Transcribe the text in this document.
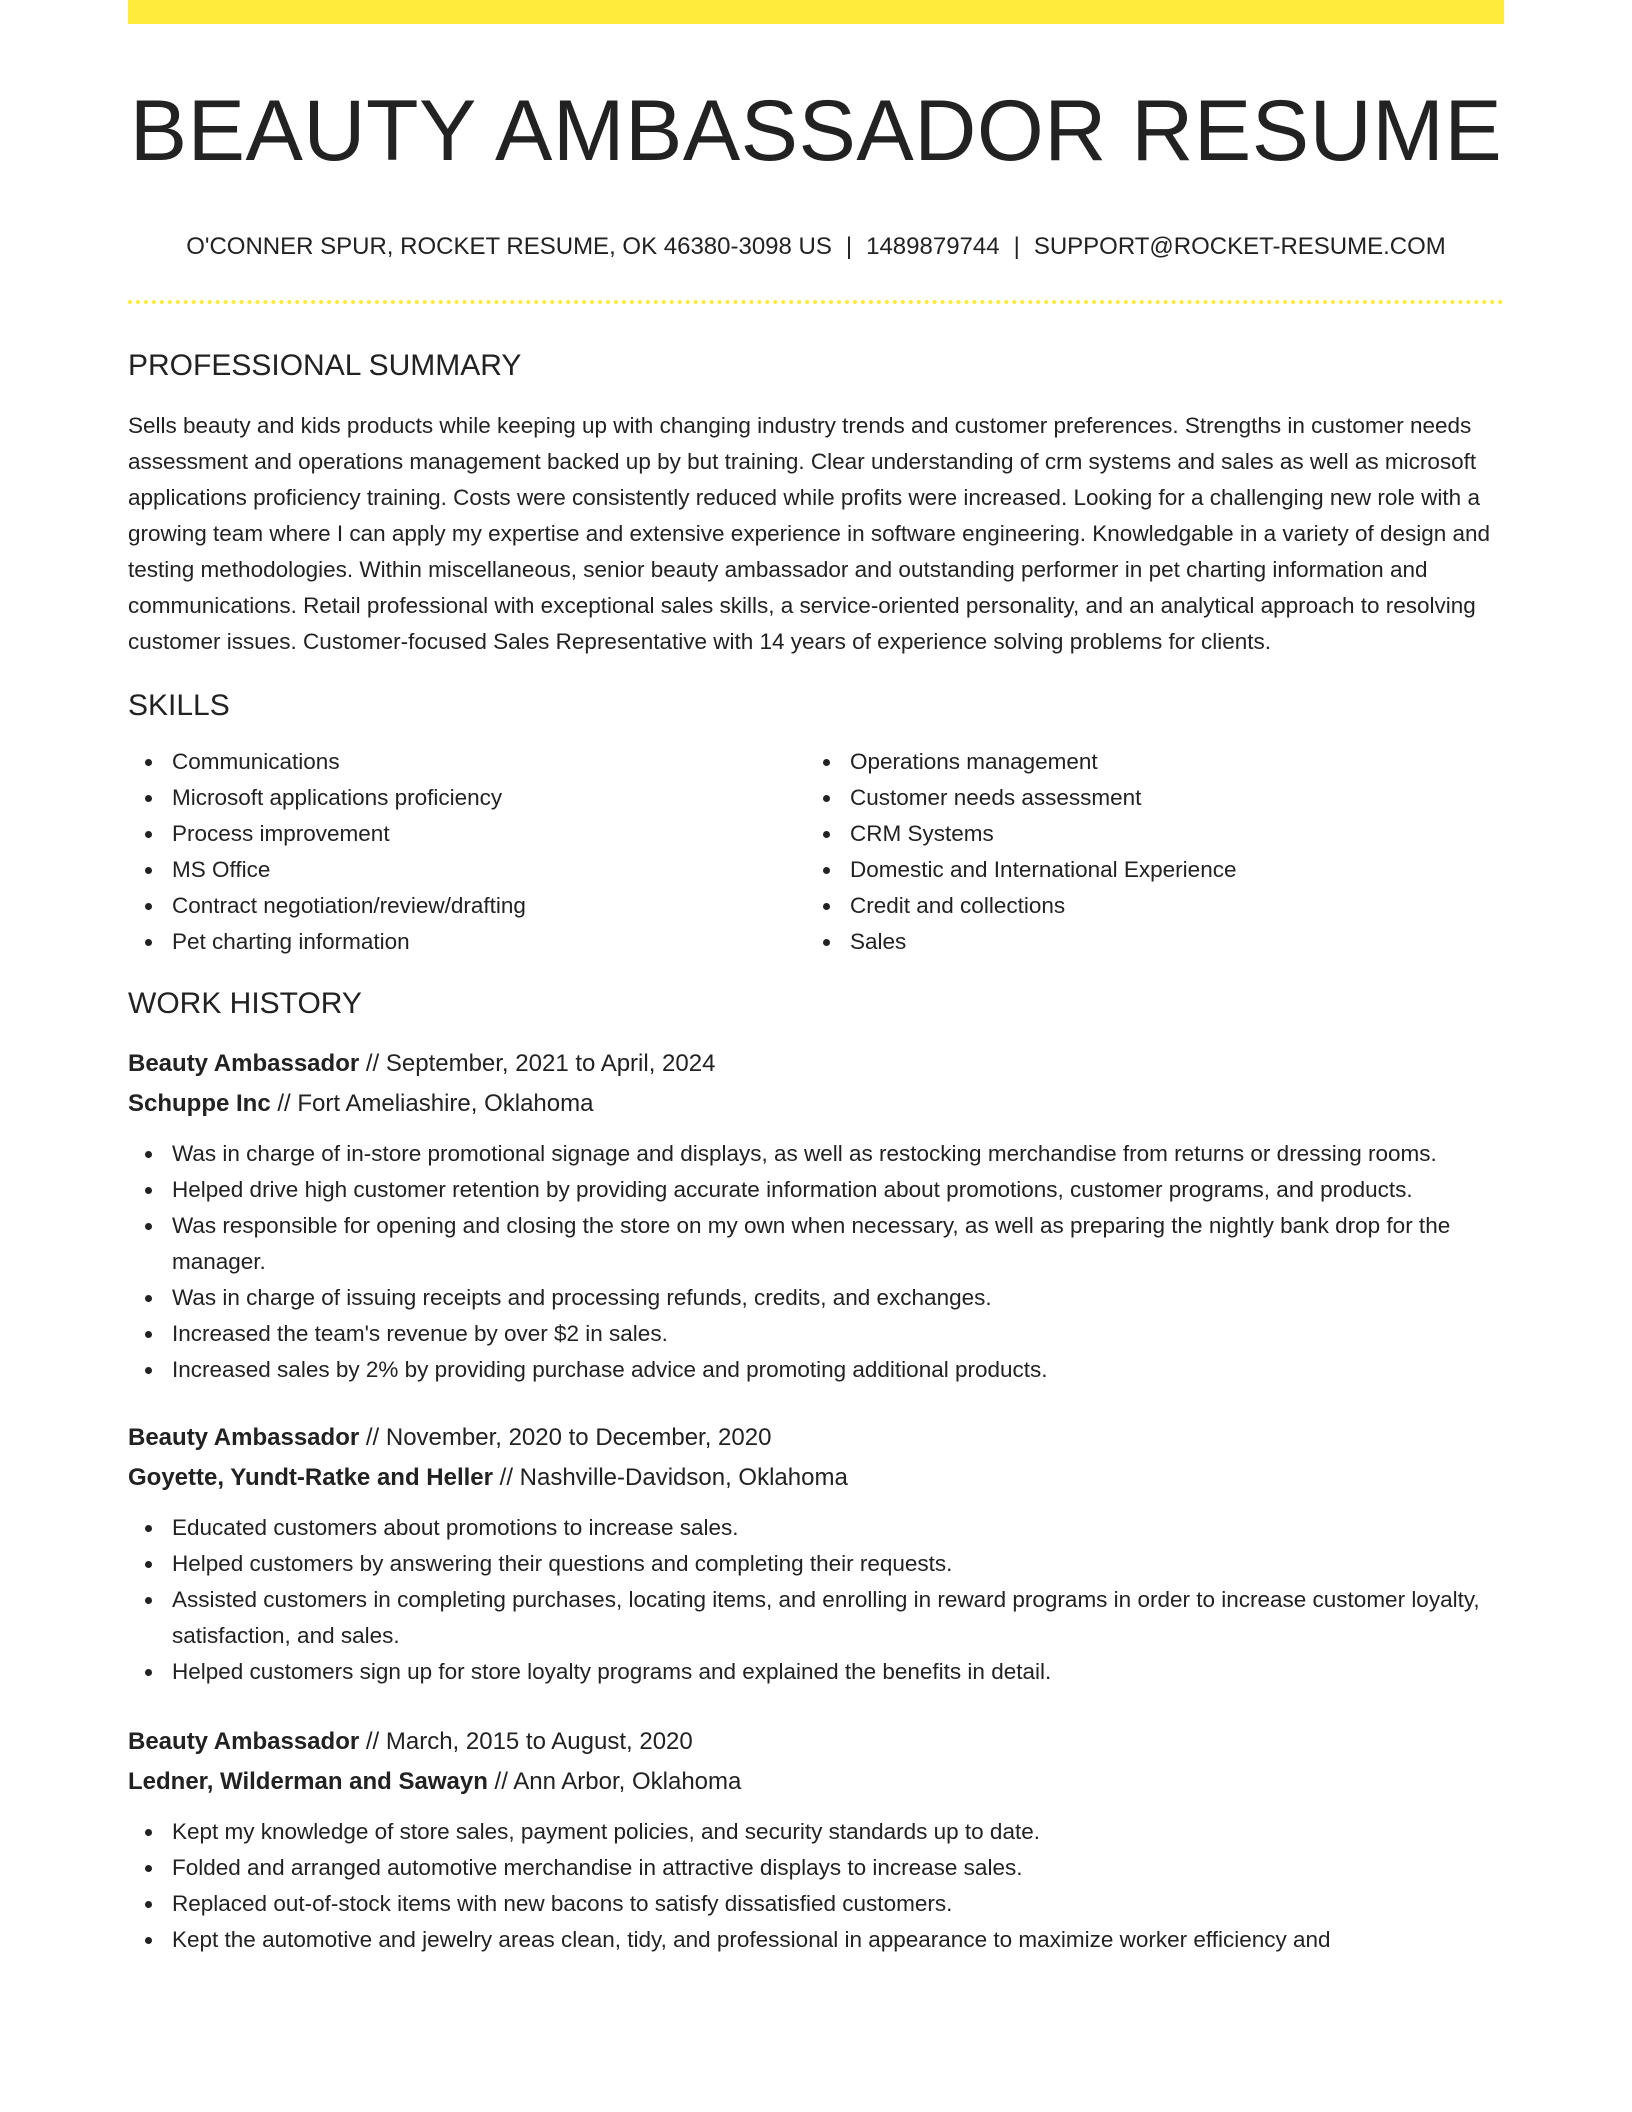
BEAUTY AMBASSADOR RESUME
O'CONNER SPUR, ROCKET RESUME, OK 46380-3098 US | 1489879744 | SUPPORT@ROCKET-RESUME.COM
PROFESSIONAL SUMMARY

Sells beauty and kids products while keeping up with changing industry trends and customer preferences. Strengths in customer needs assessment and operations management backed up by but training. Clear understanding of crm systems and sales as well as microsoft applications proficiency training. Costs were consistently reduced while profits were increased. Looking for a challenging new role with a growing team where I can apply my expertise and extensive experience in software engineering. Knowledgable in a variety of design and testing methodologies. Within miscellaneous, senior beauty ambassador and outstanding performer in pet charting information and communications. Retail professional with exceptional sales skills, a service-oriented personality, and an analytical approach to resolving customer issues. Customer-focused Sales Representative with 14 years of experience solving problems for clients.

SKILLS
Communications
Microsoft applications proficiency
Process improvement
MS Office
Contract negotiation/review/drafting
Pet charting information
Operations management
Customer needs assessment
CRM Systems
Domestic and International Experience
Credit and collections
Sales
WORK HISTORY
Beauty Ambassador // September, 2021 to April, 2024
Schuppe Inc // Fort Ameliashire, Oklahoma
Was in charge of in-store promotional signage and displays, as well as restocking merchandise from returns or dressing rooms.
Helped drive high customer retention by providing accurate information about promotions, customer programs, and products.
Was responsible for opening and closing the store on my own when necessary, as well as preparing the nightly bank drop for the manager.
Was in charge of issuing receipts and processing refunds, credits, and exchanges.
Increased the team's revenue by over $2 in sales.
Increased sales by 2% by providing purchase advice and promoting additional products.
Beauty Ambassador // November, 2020 to December, 2020
Goyette, Yundt-Ratke and Heller // Nashville-Davidson, Oklahoma
Educated customers about promotions to increase sales.
Helped customers by answering their questions and completing their requests.
Assisted customers in completing purchases, locating items, and enrolling in reward programs in order to increase customer loyalty, satisfaction, and sales.
Helped customers sign up for store loyalty programs and explained the benefits in detail.
Beauty Ambassador // March, 2015 to August, 2020
Ledner, Wilderman and Sawayn // Ann Arbor, Oklahoma
Kept my knowledge of store sales, payment policies, and security standards up to date.
Folded and arranged automotive merchandise in attractive displays to increase sales.
Replaced out-of-stock items with new bacons to satisfy dissatisfied customers.
Kept the automotive and jewelry areas clean, tidy, and professional in appearance to maximize worker efficiency and
